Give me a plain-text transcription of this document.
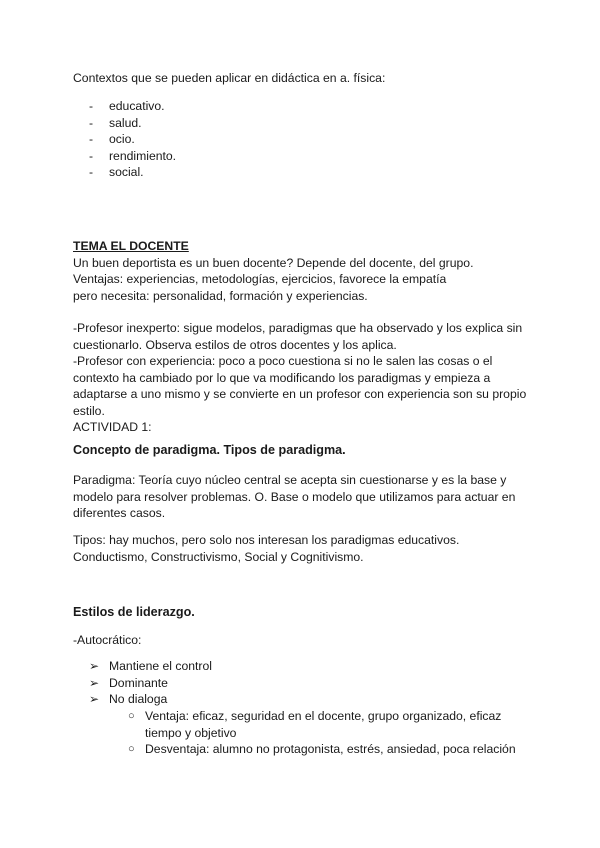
Contextos que se pueden aplicar en didáctica en a. física:
- educativo.
- salud.
- ocio.
- rendimiento.
- social.
TEMA EL DOCENTE
Un buen deportista es un buen docente? Depende del docente, del grupo.
Ventajas: experiencias, metodologías, ejercicios, favorece la empatía
pero necesita: personalidad, formación y experiencias.
-Profesor inexperto: sigue modelos, paradigmas que ha observado y los explica sin
cuestionarlo. Observa estilos de otros docentes y los aplica.
-Profesor con experiencia: poco a poco cuestiona si no le salen las cosas o el
contexto ha cambiado por lo que va modificando los paradigmas y empieza a
adaptarse a uno mismo y se convierte en un profesor con experiencia son su propio
estilo.
ACTIVIDAD 1:
Concepto de paradigma. Tipos de paradigma.
Paradigma: Teoría cuyo núcleo central se acepta sin cuestionarse y es la base y
modelo para resolver problemas. O. Base o modelo que utilizamos para actuar en
diferentes casos.
Tipos: hay muchos, pero solo nos interesan los paradigmas educativos.
Conductismo, Constructivismo, Social y Cognitivismo.
Estilos de liderazgo.
-Autocrático:
➢ Mantiene el control
➢ Dominante
➢ No dialoga
○ Ventaja: eficaz, seguridad en el docente, grupo organizado, eficaz
tiempo y objetivo
○ Desventaja: alumno no protagonista, estrés, ansiedad, poca relación
